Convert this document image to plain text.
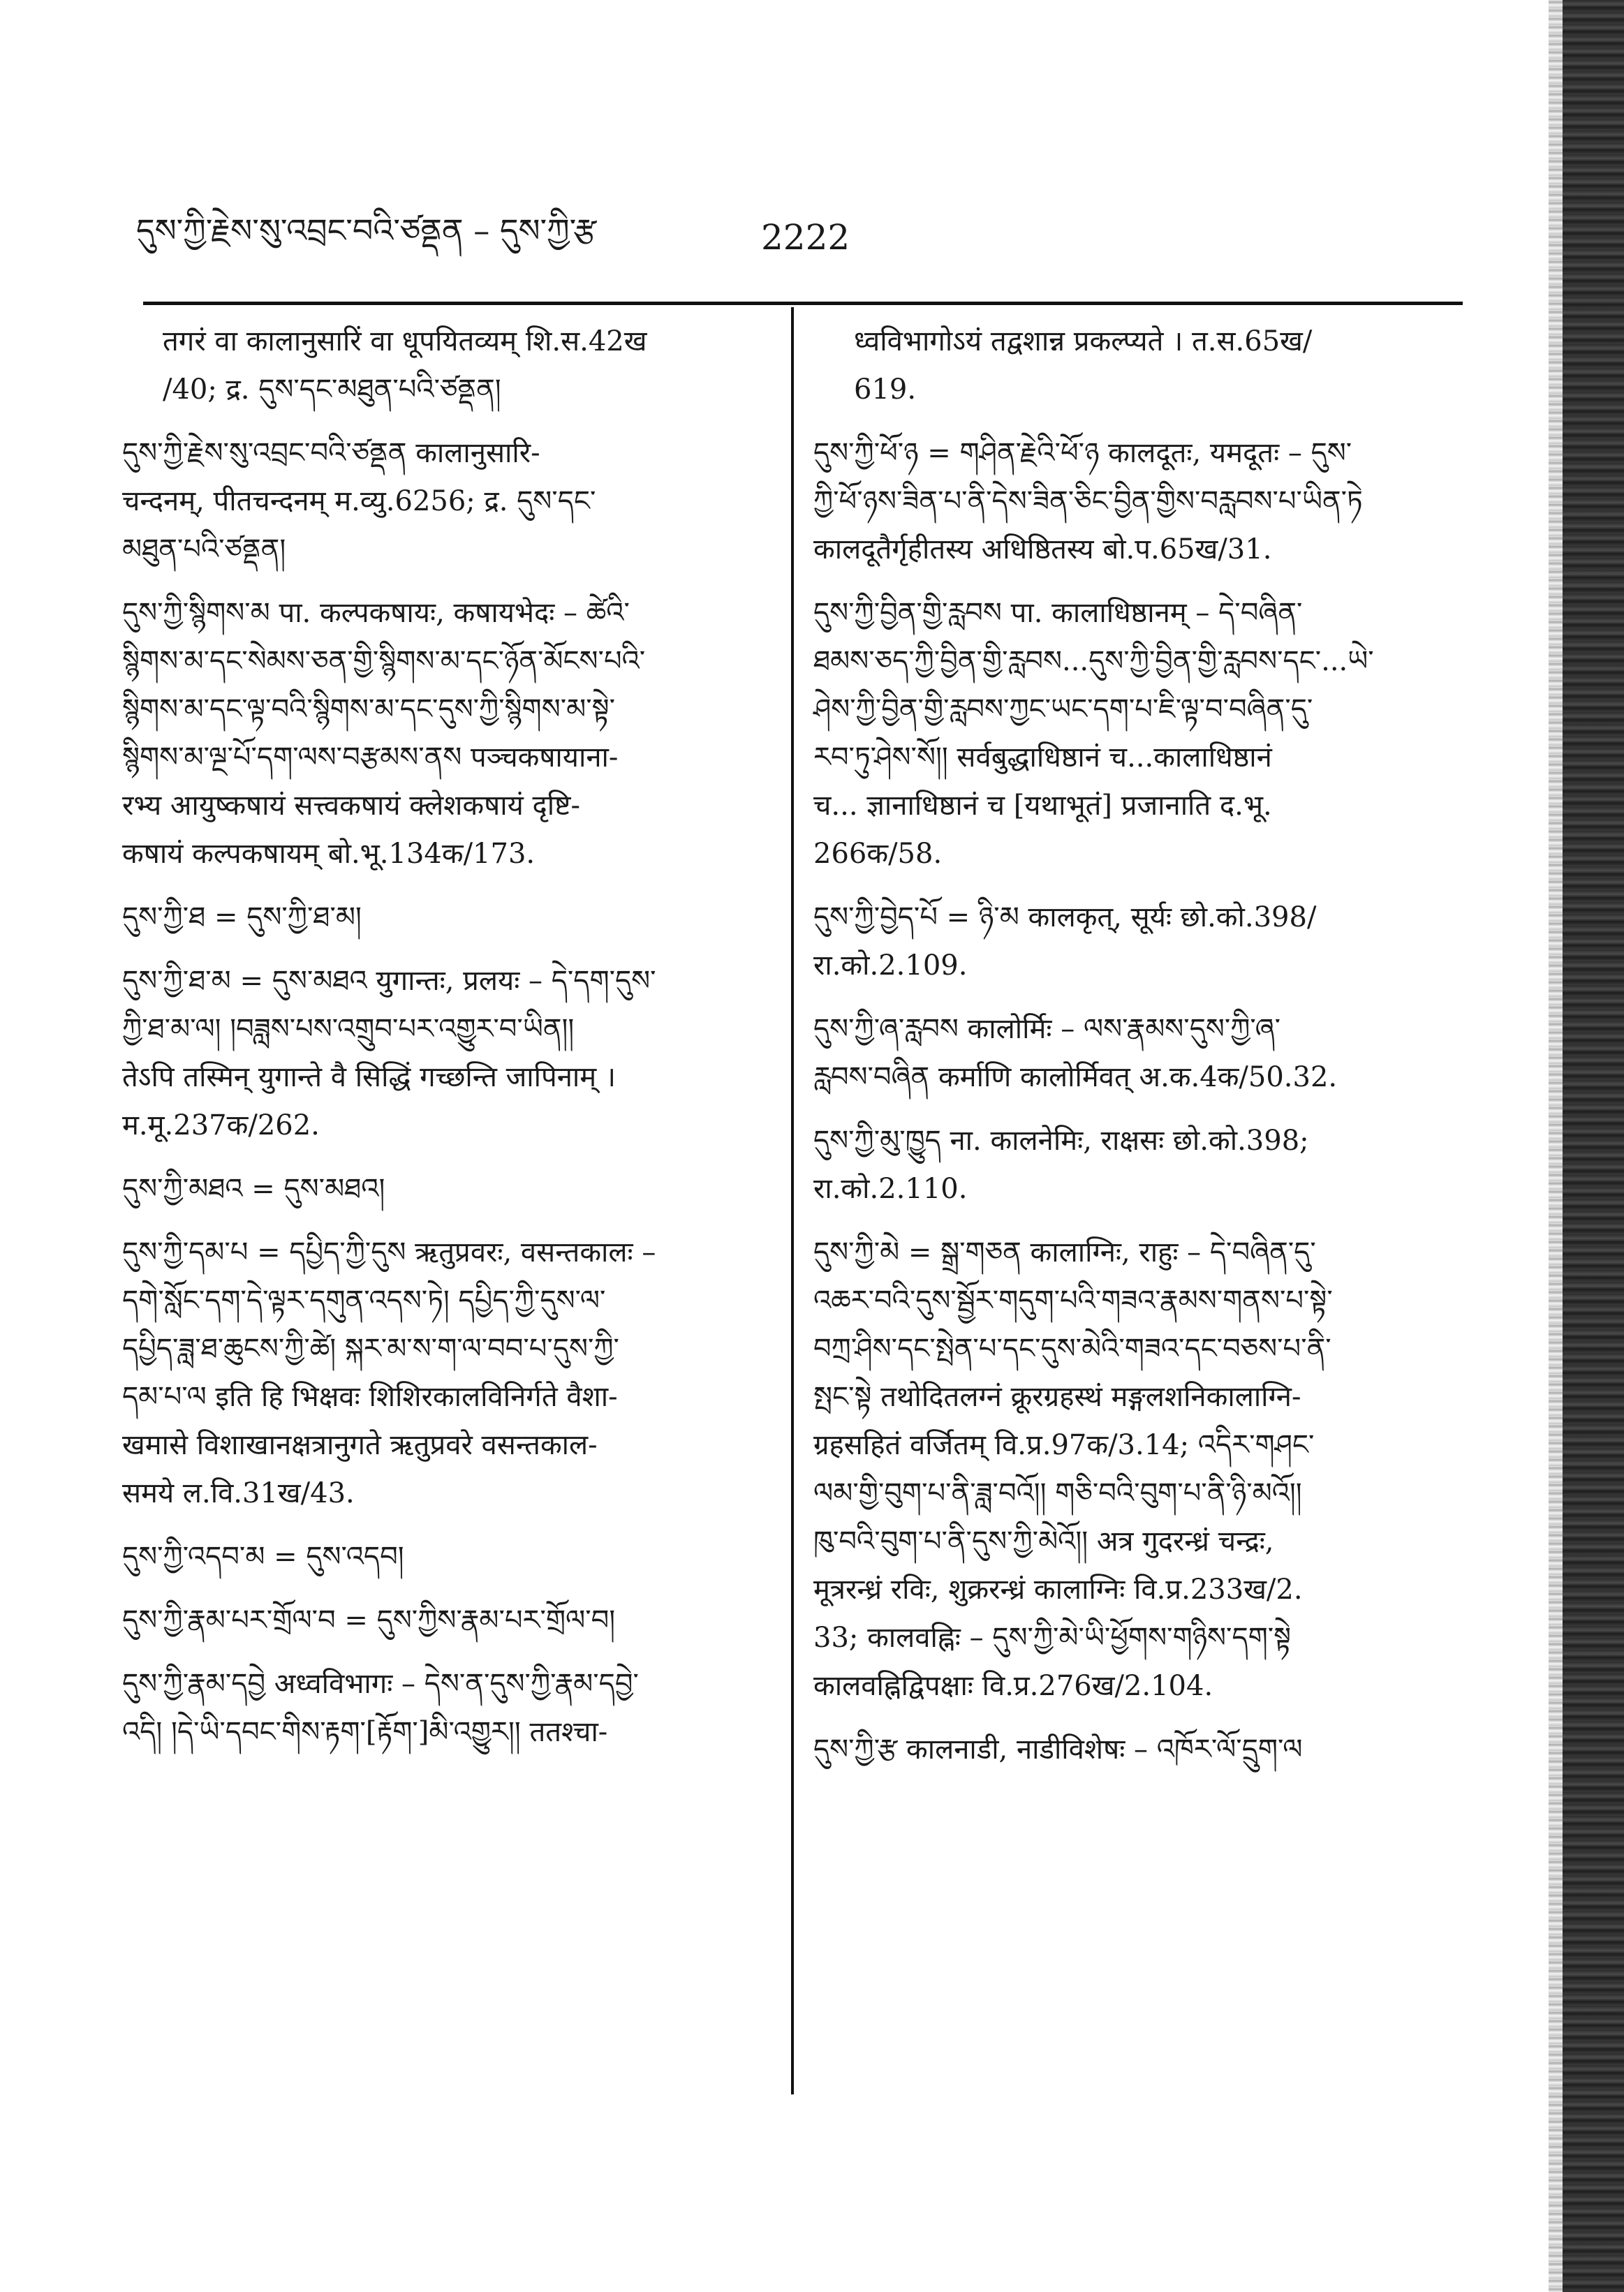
དུས་ཀྱི་རྗེས་སུ་འབྲང་བའི་ཙནྡན – དུས་ཀྱི་རྩ	2222
तगरं वा कालानुसारिं वा धूपयितव्यम् शि.स.42ख
/40; द्र. དུས་དང་མཐུན་པའི་ཙནྡན།
དུས་ཀྱི་རྗེས་སུ་འབྲང་བའི་ཙནྡན कालानुसारि-
चन्दनम्, पीतचन्दनम् म.व्यु.6256; द्र. དུས་དང་
མཐུན་པའི་ཙནྡན།
དུས་ཀྱི་སྙིགས་མ पा. कल्पकषायः, कषायभेदः – ཚེའི་
སྙིགས་མ་དང་སེམས་ཅན་གྱི་སྙིགས་མ་དང་ཉོན་མོངས་པའི་
སྙིགས་མ་དང་ལྟ་བའི་སྙིགས་མ་དང་དུས་ཀྱི་སྙིགས་མ་སྟེ་
སྙིགས་མ་ལྔ་པོ་དག་ལས་བརྩམས་ནས पञ्चकषायाना-
रभ्य आयुष्कषायं सत्त्वकषायं क्लेशकषायं दृष्टि-
कषायं कल्पकषायम् बो.भू.134क/173.
དུས་ཀྱི་ཐ = དུས་ཀྱི་ཐ་མ།
དུས་ཀྱི་ཐ་མ = དུས་མཐའ युगान्तः, प्रलयः – དེ་དག་དུས་
ཀྱི་ཐ་མ་ལ། །བཟླས་པས་འགྲུབ་པར་འགྱུར་བ་ཡིན།།
तेऽपि तस्मिन् युगान्ते वै सिद्धिं गच्छन्ति जापिनाम् ।
म.मू.237क/262.
དུས་ཀྱི་མཐའ = དུས་མཐའ།
དུས་ཀྱི་དམ་པ = དཔྱིད་ཀྱི་དུས ऋतुप्रवरः, वसन्तकालः –
དགེ་སློང་དག་དེ་ལྟར་དགུན་འདས་ཏེ། དཔྱིད་ཀྱི་དུས་ལ་
དཔྱིད་ཟླ་ཐ་ཆུངས་ཀྱི་ཚེ། སྐར་མ་ས་ག་ལ་བབ་པ་དུས་ཀྱི་
དམ་པ་ལ इति हि भिक्षवः शिशिरकालविनिर्गते वैशा-
खमासे विशाखानक्षत्रानुगते ऋतुप्रवरे वसन्तकाल-
समये ल.वि.31ख/43.
དུས་ཀྱི་འདབ་མ = དུས་འདབ།
དུས་ཀྱི་རྣམ་པར་གྲོལ་བ = དུས་ཀྱིས་རྣམ་པར་གྲོལ་བ།
དུས་ཀྱི་རྣམ་དབྱེ अध्वविभागः – དེས་ན་དུས་ཀྱི་རྣམ་དབྱེ་
འདི། །དེ་ཡི་དབང་གིས་རྟག་[རྟོག་]མི་འགྱུར།། ततश्चा-
ध्वविभागोऽयं तद्वशान्न प्रकल्प्यते । त.स.65ख/
619.
དུས་ཀྱི་ཕོ་ཉ = གཤིན་རྗེའི་ཕོ་ཉ कालदूतः, यमदूतः – དུས་
ཀྱི་ཕོ་ཉས་ཟིན་པ་ནི་དེས་ཟིན་ཅིང་བྱིན་གྱིས་བརླབས་པ་ཡིན་ཏེ
कालदूतैर्गृहीतस्य अधिष्ठितस्य बो.प.65ख/31.
དུས་ཀྱི་བྱིན་གྱི་རླབས पा. कालाधिष्ठानम् – དེ་བཞིན་
ཐམས་ཅད་ཀྱི་བྱིན་གྱི་རླབས...དུས་ཀྱི་བྱིན་གྱི་རླབས་དང་...ཡེ་
ཤེས་ཀྱི་བྱིན་གྱི་རླབས་ཀྱང་ཡང་དག་པ་ཇི་ལྟ་བ་བཞིན་དུ་
རབ་ཏུ་ཤེས་སོ།། सर्वबुद्धाधिष्ठानं च...कालाधिष्ठानं
च... ज्ञानाधिष्ठानं च [यथाभूतं] प्रजानाति द.भू.
266क/58.
དུས་ཀྱི་བྱེད་པོ = ཉི་མ कालकृत्, सूर्यः छो.को.398/
रा.को.2.109.
དུས་ཀྱི་ཞ་རླབས कालोर्मिः – ལས་རྣམས་དུས་ཀྱི་ཞ་
རླབས་བཞིན कर्माणि कालोर्मिवत् अ.क.4क/50.32.
དུས་ཀྱི་མུ་ཁྱུད ना. कालनेमिः, राक्षसः छो.को.398;
रा.को.2.110.
དུས་ཀྱི་མེ = སྒྲ་གཅན कालाग्निः, राहुः – དེ་བཞིན་དུ་
འཆར་བའི་དུས་སྦྱོར་གདུག་པའི་གཟའ་རྣམས་གནས་པ་སྟེ་
བཀྲ་ཤིས་དང་སྤེན་པ་དང་དུས་མེའི་གཟའ་དང་བཅས་པ་ནི་
སྤང་སྟེ तथोदितलग्नं क्रूरग्रहस्थं मङ्गलशनिकालाग्नि-
ग्रहसहितं वर्जितम् वि.प्र.97क/3.14; འདིར་གཤང་
ལམ་གྱི་བུག་པ་ནི་ཟླ་བའོ།། གཅི་བའི་བུག་པ་ནི་ཉི་མའོ།།
ཁུ་བའི་བུག་པ་ནི་དུས་ཀྱི་མེའོ།། अत्र गुदरन्ध्रं चन्द्रः,
मूत्ररन्ध्रं रविः, शुक्ररन्ध्रं कालाग्निः वि.प्र.233ख/2.
33; कालवह्निः – དུས་ཀྱི་མེ་ཡི་ཕྱོགས་གཉིས་དག་སྟེ
कालवह्निद्विपक्षाः वि.प्र.276ख/2.104.
དུས་ཀྱི་རྩ कालनाडी, नाडीविशेषः – འཁོར་ལོ་དྲུག་ལ
